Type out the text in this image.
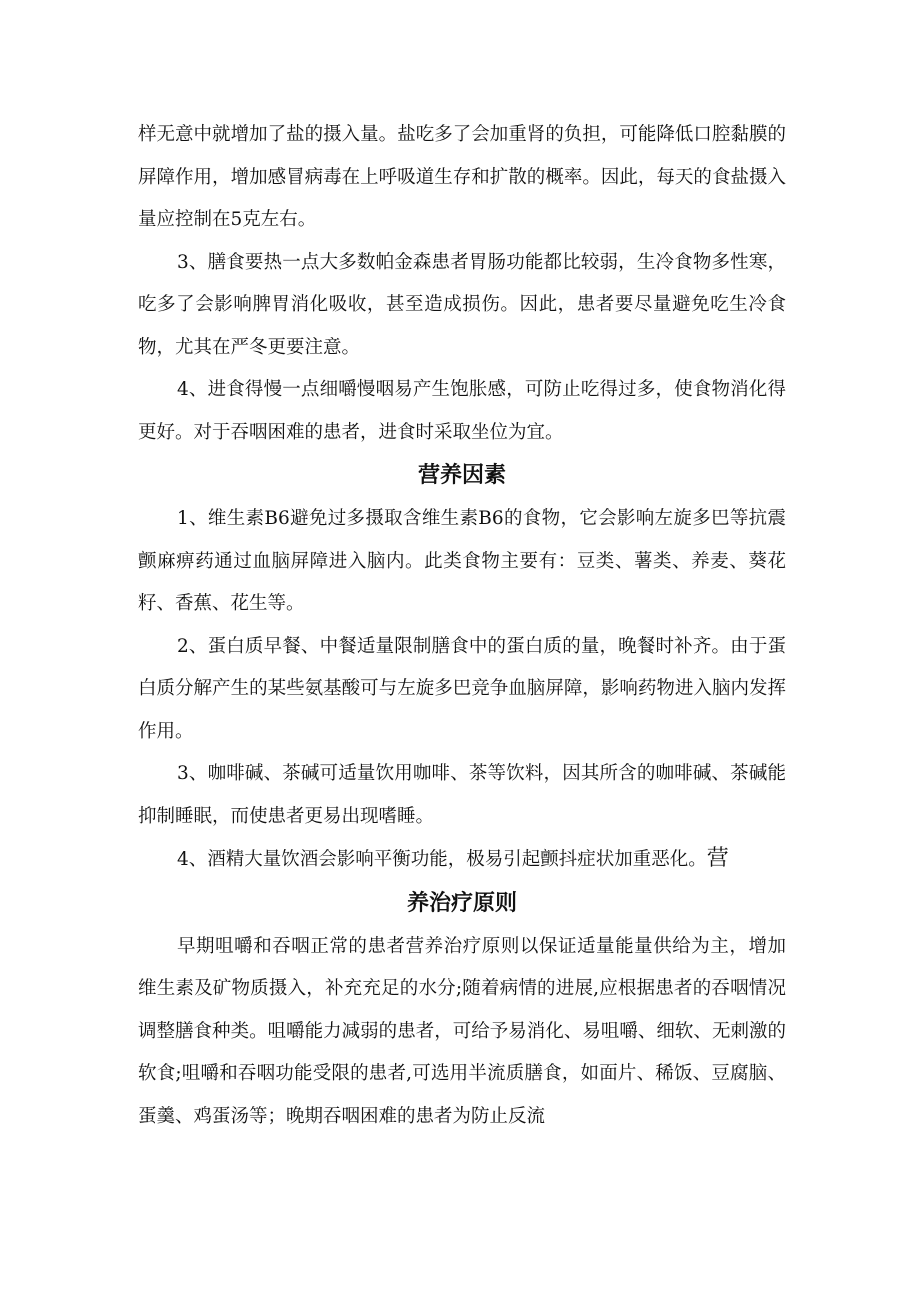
样无意中就增加了盐的摄入量。盐吃多了会加重肾的负担，可能降低口腔黏膜的屏障作用，增加感冒病毒在上呼吸道生存和扩散的概率。因此，每天的食盐摄入量应控制在5克左右。

3、膳食要热一点大多数帕金森患者胃肠功能都比较弱，生冷食物多性寒，吃多了会影响脾胃消化吸收，甚至造成损伤。因此，患者要尽量避免吃生冷食物，尤其在严冬更要注意。

4、进食得慢一点细嚼慢咽易产生饱胀感，可防止吃得过多，使食物消化得更好。对于吞咽困难的患者，进食时采取坐位为宜。

营养因素

1、维生素B6避免过多摄取含维生素B6的食物，它会影响左旋多巴等抗震颤麻痹药通过血脑屏障进入脑内。此类食物主要有：豆类、薯类、养麦、葵花籽、香蕉、花生等。

2、蛋白质早餐、中餐适量限制膳食中的蛋白质的量，晚餐时补齐。由于蛋白质分解产生的某些氨基酸可与左旋多巴竞争血脑屏障，影响药物进入脑内发挥作用。

3、咖啡碱、茶碱可适量饮用咖啡、茶等饮料，因其所含的咖啡碱、茶碱能抑制睡眠，而使患者更易出现嗜睡。

4、酒精大量饮酒会影响平衡功能，极易引起颤抖症状加重恶化。营

养治疗原则

早期咀嚼和吞咽正常的患者营养治疗原则以保证适量能量供给为主，增加维生素及矿物质摄入，补充充足的水分;随着病情的进展,应根据患者的吞咽情况调整膳食种类。咀嚼能力减弱的患者，可给予易消化、易咀嚼、细软、无刺激的软食;咀嚼和吞咽功能受限的患者,可选用半流质膳食，如面片、稀饭、豆腐脑、蛋羹、鸡蛋汤等；晚期吞咽困难的患者为防止反流
